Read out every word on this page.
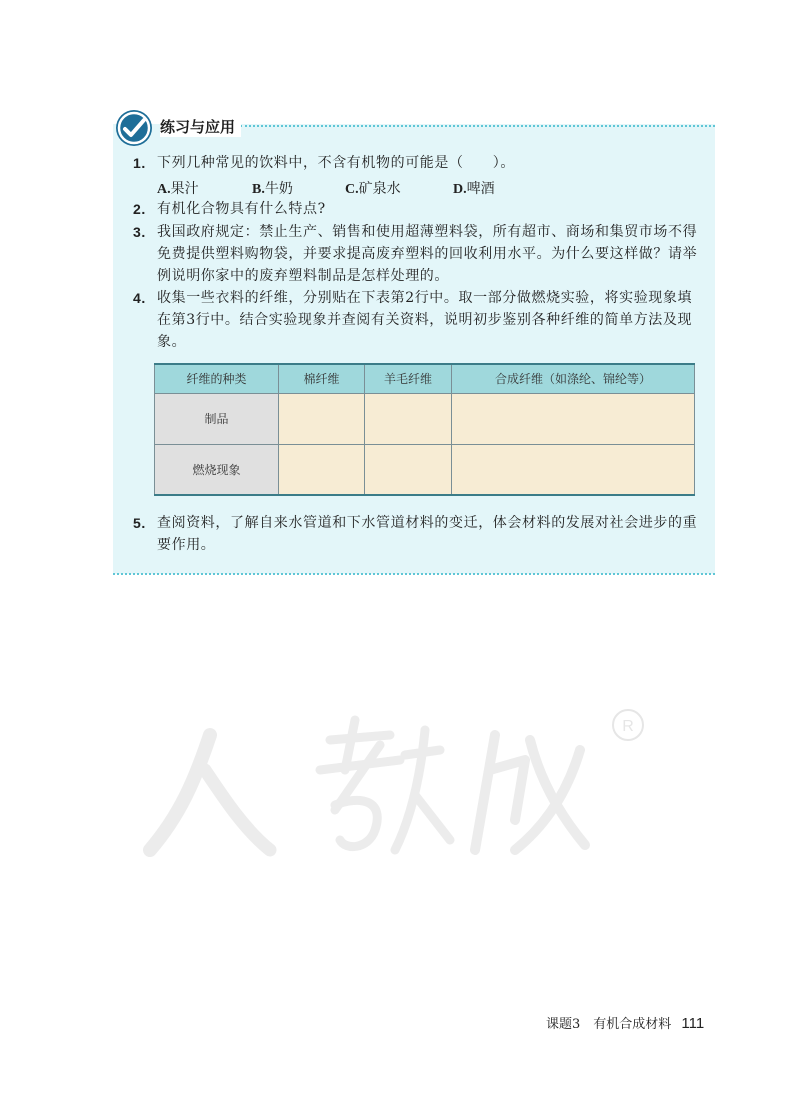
练习与应用
1. 下列几种常见的饮料中，不含有机物的可能是（　　）。
A.果汁	B.牛奶	C.矿泉水	D.啤酒
2. 有机化合物具有什么特点?
3. 我国政府规定：禁止生产、销售和使用超薄塑料袋，所有超市、商场和集贸市场不得免费提供塑料购物袋，并要求提高废弃塑料的回收利用水平。为什么要这样做？请举例说明你家中的废弃塑料制品是怎样处理的。
4. 收集一些衣料的纤维，分别贴在下表第2行中。取一部分做燃烧实验，将实验现象填在第3行中。结合实验现象并查阅有关资料，说明初步鉴别各种纤维的简单方法及现象。
纤维的种类	棉纤维	羊毛纤维	合成纤维（如涤纶、锦纶等）
制品			
燃烧现象			
5. 查阅资料，了解自来水管道和下水管道材料的变迁，体会材料的发展对社会进步的重要作用。
R
课题3　有机合成材料 111
